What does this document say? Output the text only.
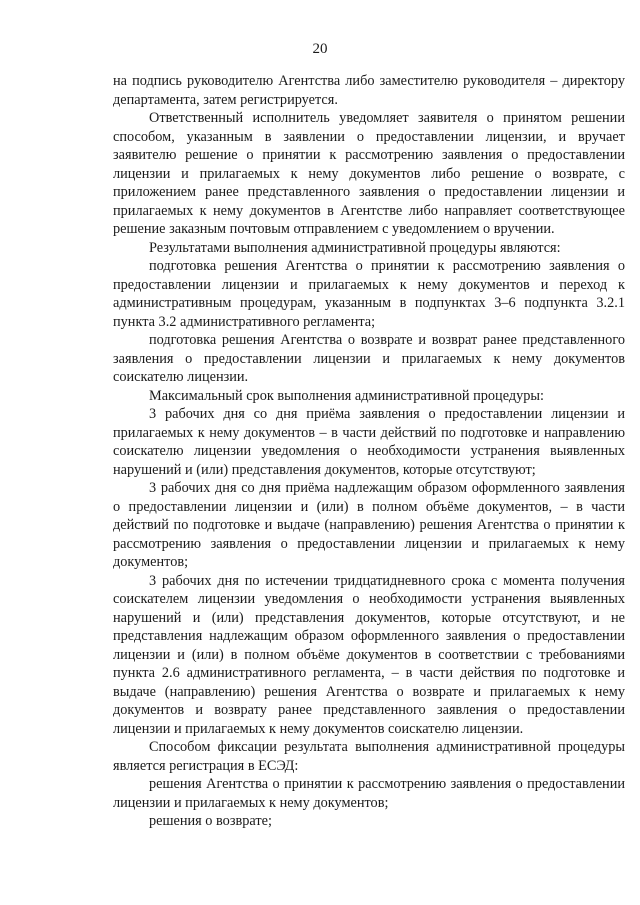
20

на подпись руководителю Агентства либо заместителю руководителя – директору департамента, затем регистрируется.

Ответственный исполнитель уведомляет заявителя о принятом решении способом, указанным в заявлении о предоставлении лицензии, и вручает заявителю решение о принятии к рассмотрению заявления о предоставлении лицензии и прилагаемых к нему документов либо решение о возврате, с приложением ранее представленного заявления о предоставлении лицензии и прилагаемых к нему документов в Агентстве либо направляет соответствующее решение заказным почтовым отправлением с уведомлением о вручении.

Результатами выполнения административной процедуры являются:

подготовка решения Агентства о принятии к рассмотрению заявления о предоставлении лицензии и прилагаемых к нему документов и переход к административным процедурам, указанным в подпунктах 3–6 подпункта 3.2.1 пункта 3.2 административного регламента;

подготовка решения Агентства о возврате и возврат ранее представленного заявления о предоставлении лицензии и прилагаемых к нему документов соискателю лицензии.

Максимальный срок выполнения административной процедуры:

3 рабочих дня со дня приёма заявления о предоставлении лицензии и прилагаемых к нему документов – в части действий по подготовке и направлению соискателю лицензии уведомления о необходимости устранения выявленных нарушений и (или) представления документов, которые отсутствуют;

3 рабочих дня со дня приёма надлежащим образом оформленного заявления о предоставлении лицензии и (или) в полном объёме документов, – в части действий по подготовке и выдаче (направлению) решения Агентства о принятии к рассмотрению заявления о предоставлении лицензии и прилагаемых к нему документов;

3 рабочих дня по истечении тридцатидневного срока с момента получения соискателем лицензии уведомления о необходимости устранения выявленных нарушений и (или) представления документов, которые отсутствуют, и не представления надлежащим образом оформленного заявления о предоставлении лицензии и (или) в полном объёме документов в соответствии с требованиями пункта 2.6 административного регламента, – в части действия по подготовке и выдаче (направлению) решения Агентства о возврате и прилагаемых к нему документов и возврату ранее представленного заявления о предоставлении лицензии и прилагаемых к нему документов соискателю лицензии.

Способом фиксации результата выполнения административной процедуры является регистрация в ЕСЭД:

решения Агентства о принятии к рассмотрению заявления о предоставлении лицензии и прилагаемых к нему документов;

решения о возврате;
